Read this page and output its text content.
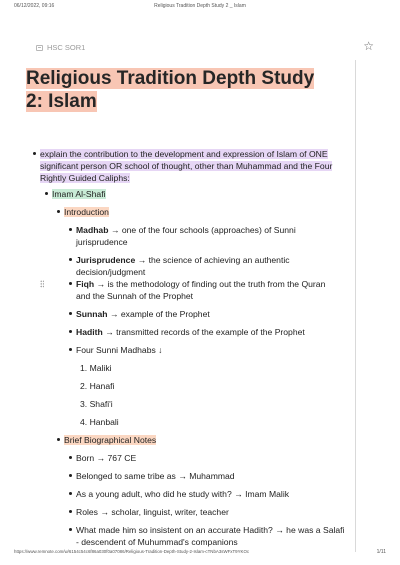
06/12/2022, 09:16	Religious Tradition Depth Study 2 _ Islam
HSC SOR1	☆
Religious Tradition Depth Study 2: Islam
explain the contribution to the development and expression of Islam of ONE significant person OR school of thought, other than Muhammad and the Four Rightly Guided Caliphs:
Imam Al-Shafi
Introduction
Madhab → one of the four schools (approaches) of Sunni jurisprudence
Jurisprudence → the science of achieving an authentic decision/judgment
Fiqh → is the methodology of finding out the truth from the Quran and the Sunnah of the Prophet
Sunnah → example of the Prophet
Hadith → transmitted records of the example of the Prophet
Four Sunni Madhabs ↓
1. Maliki
2. Hanafi
3. Shafi'i
4. Hanbali
Brief Biographical Notes
Born → 767 CE
Belonged to same tribe as → Muhammad
As a young adult, who did he study with? → Imam Malik
Roles → scholar, linguist, writer, teacher
What made him so insistent on an accurate Hadith? → he was a Salafi - descendent of Muhummad's companions
https://www.remnote.com/w/6154c54c6f86a030f0a07086/Religious-Tradition-Depth-Study-2-Islam-cTNbA3sWFxT9YKOc	1/11
